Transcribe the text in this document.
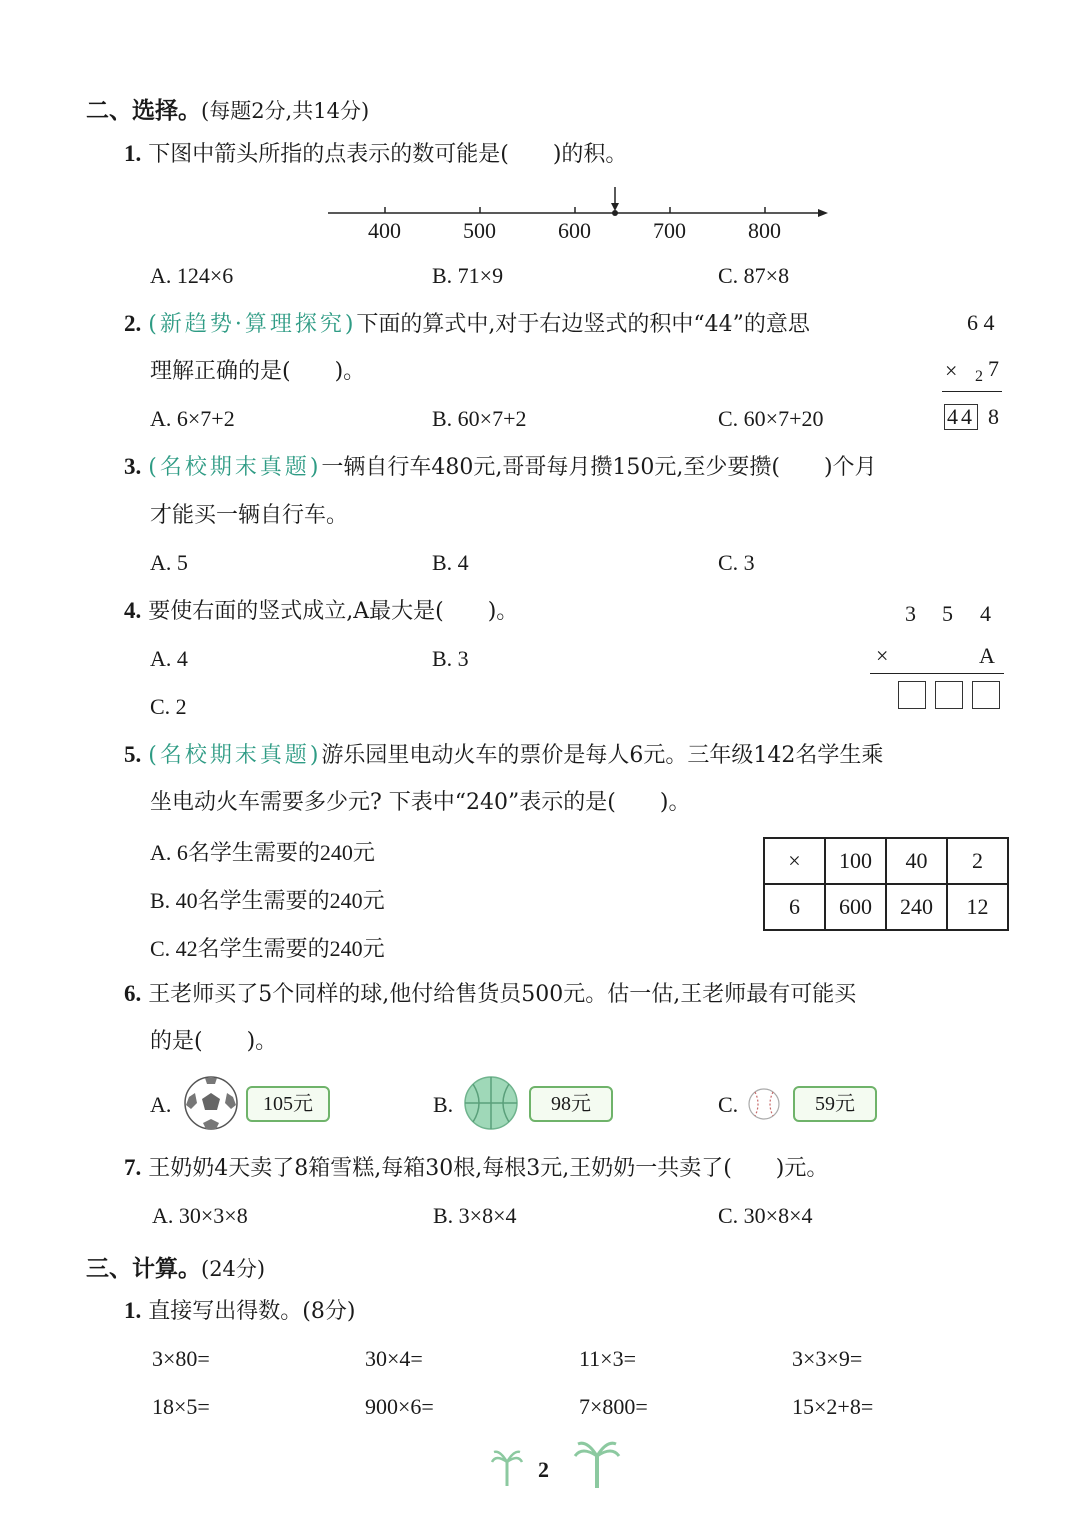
二、选择。(每题2分,共14分)
1. 下图中箭头所指的点表示的数可能是(　　)的积。
400	500	600	700	800
A. 124×6	B. 71×9	C. 87×8
2. (新趋势·算理探究)下面的算式中,对于右边竖式的积中“44”的意思
理解正确的是(　　)。
A. 6×7+2	B. 60×7+2	C. 60×7+20
6 4
× 2 7
44 8
3. (名校期末真题)一辆自行车480元,哥哥每月攒150元,至少要攒(　　)个月
才能买一辆自行车。
A. 5	B. 4	C. 3
4. 要使右面的竖式成立,A最大是(　　)。
A. 4	B. 3
C. 2
3 5 4
×	A
5. (名校期末真题)游乐园里电动火车的票价是每人6元。三年级142名学生乘
坐电动火车需要多少元? 下表中“240”表示的是(　　)。
A. 6名学生需要的240元
B. 40名学生需要的240元
C. 42名学生需要的240元
×	100	40	2
6	600	240	12
6. 王老师买了5个同样的球,他付给售货员500元。估一估,王老师最有可能买
的是(　　)。
A.	105元	B.	98元	C.	59元
7. 王奶奶4天卖了8箱雪糕,每箱30根,每根3元,王奶奶一共卖了(　　)元。
A. 30×3×8	B. 3×8×4	C. 30×8×4
三、计算。(24分)
1. 直接写出得数。(8分)
3×80=	30×4=	11×3=	3×3×9=
18×5=	900×6=	7×800=	15×2+8=
2
